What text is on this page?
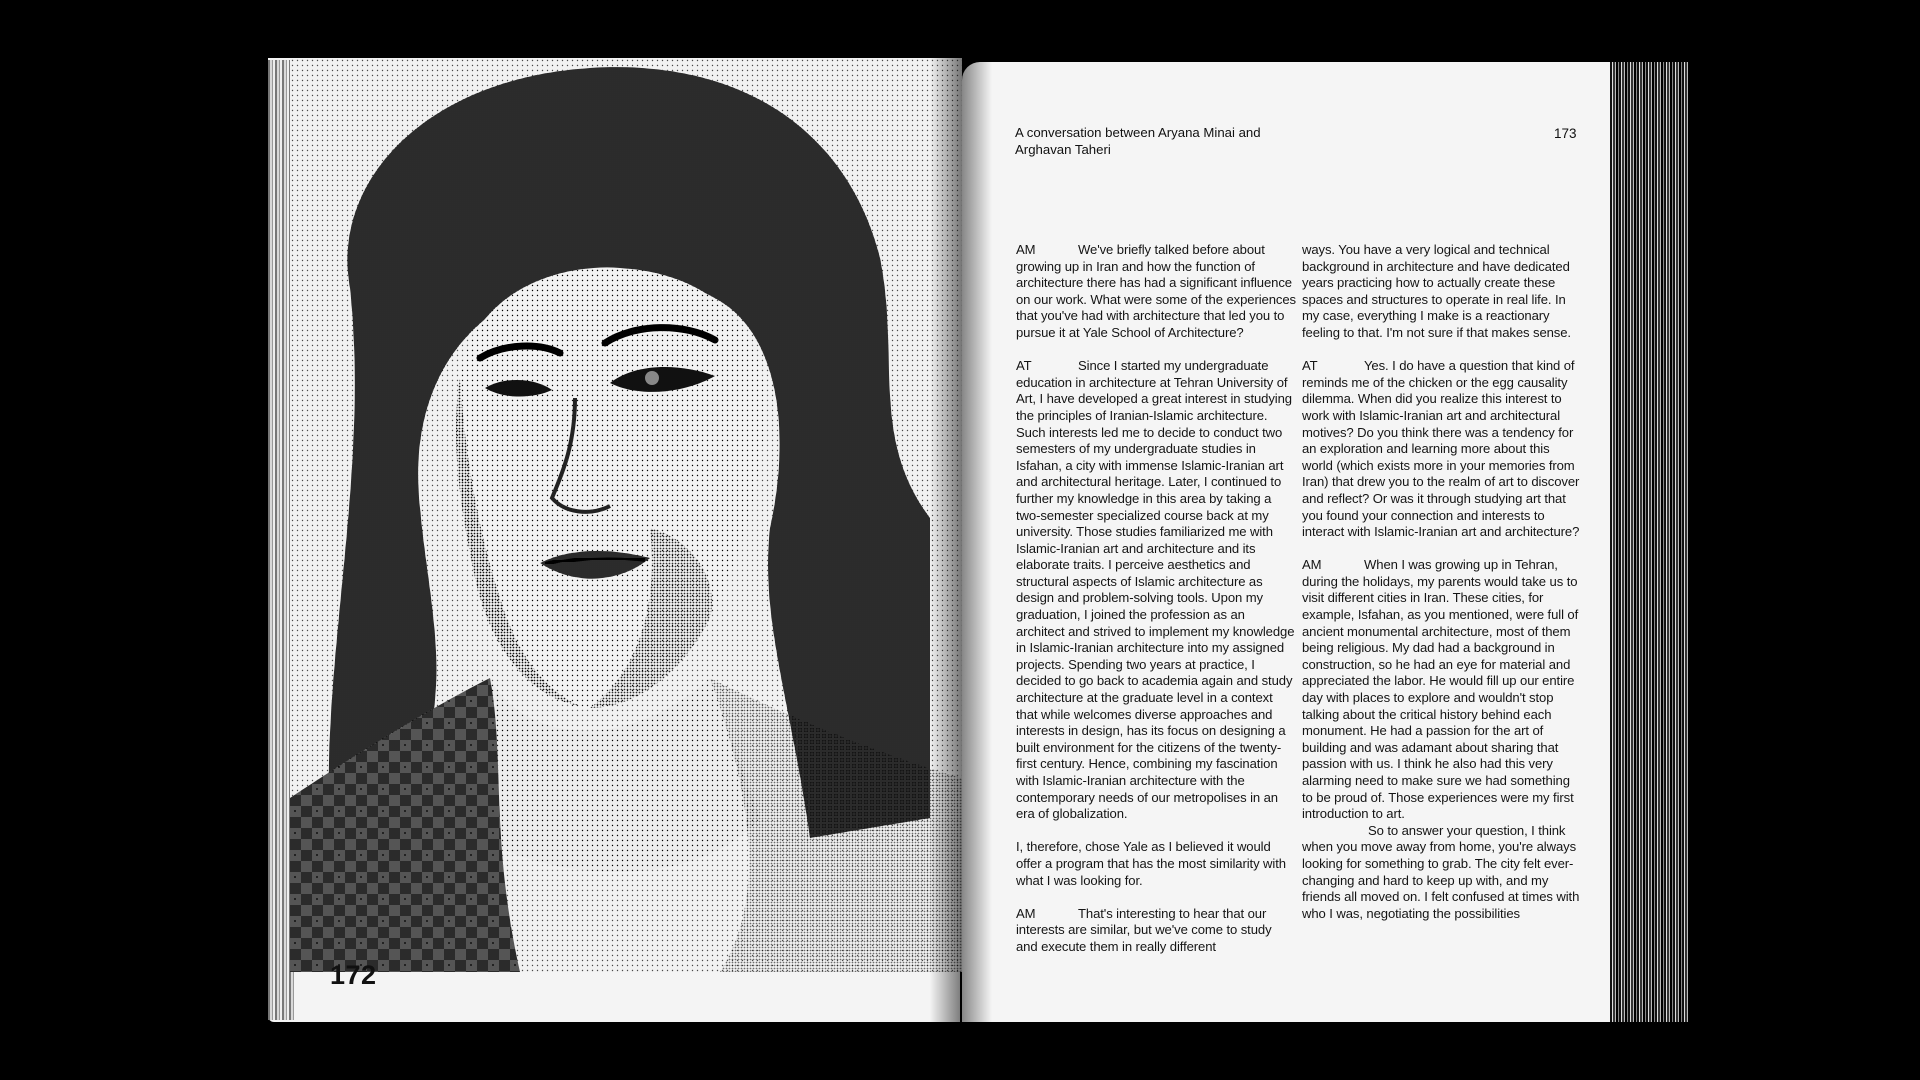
172
A conversation between Aryana Minai and Arghavan Taheri
173

AM	We've briefly talked before about growing up in Iran and how the function of architecture there has had a significant influence on our work. What were some of the experiences that you've had with architecture that led you to pursue it at Yale School of Architecture?

AT	Since I started my undergraduate education in architecture at Tehran University of Art, I have developed a great interest in studying the principles of Iranian-Islamic architecture. Such interests led me to decide to conduct two semesters of my undergraduate studies in Isfahan, a city with immense Islamic-Iranian art and architectural heritage. Later, I continued to further my knowledge in this area by taking a two-semester specialized course back at my university. Those studies familiarized me with Islamic-Iranian art and architecture and its elaborate traits. I perceive aesthetics and structural aspects of Islamic architecture as design and problem-solving tools. Upon my graduation, I joined the profession as an architect and strived to implement my knowledge in Islamic-Iranian architecture into my assigned projects. Spending two years at practice, I decided to go back to academia again and study architecture at the graduate level in a context that while welcomes diverse approaches and interests in design, has its focus on designing a built environment for the citizens of the twenty-first century. Hence, combining my fascination with Islamic-Iranian architecture with the contemporary needs of our metropolises in an era of globalization.

I, therefore, chose Yale as I believed it would offer a program that has the most similarity with what I was looking for.

AM	That's interesting to hear that our interests are similar, but we've come to study and execute them in really different

ways. You have a very logical and technical background in architecture and have dedicated years practicing how to actually create these spaces and structures to operate in real life. In my case, everything I make is a reactionary feeling to that. I'm not sure if that makes sense.

AT	Yes. I do have a question that kind of reminds me of the chicken or the egg causality dilemma. When did you realize this interest to work with Islamic-Iranian art and architectural motives? Do you think there was a tendency for an exploration and learning more about this world (which exists more in your memories from Iran) that drew you to the realm of art to discover and reflect? Or was it through studying art that you found your connection and interests to interact with Islamic-Iranian art and architecture?

AM	When I was growing up in Tehran, during the holidays, my parents would take us to visit different cities in Iran. These cities, for example, Isfahan, as you mentioned, were full of ancient monumental architecture, most of them being religious. My dad had a background in construction, so he had an eye for material and appreciated the labor. He would fill up our entire day with places to explore and wouldn't stop talking about the critical history behind each monument. He had a passion for the art of building and was adamant about sharing that passion with us. I think he also had this very alarming need to make sure we had something to be proud of. Those experiences were my first introduction to art.

So to answer your question, I think when you move away from home, you're always looking for something to grab. The city felt ever-changing and hard to keep up with, and my friends all moved on. I felt confused at times with who I was, negotiating the possibilities
